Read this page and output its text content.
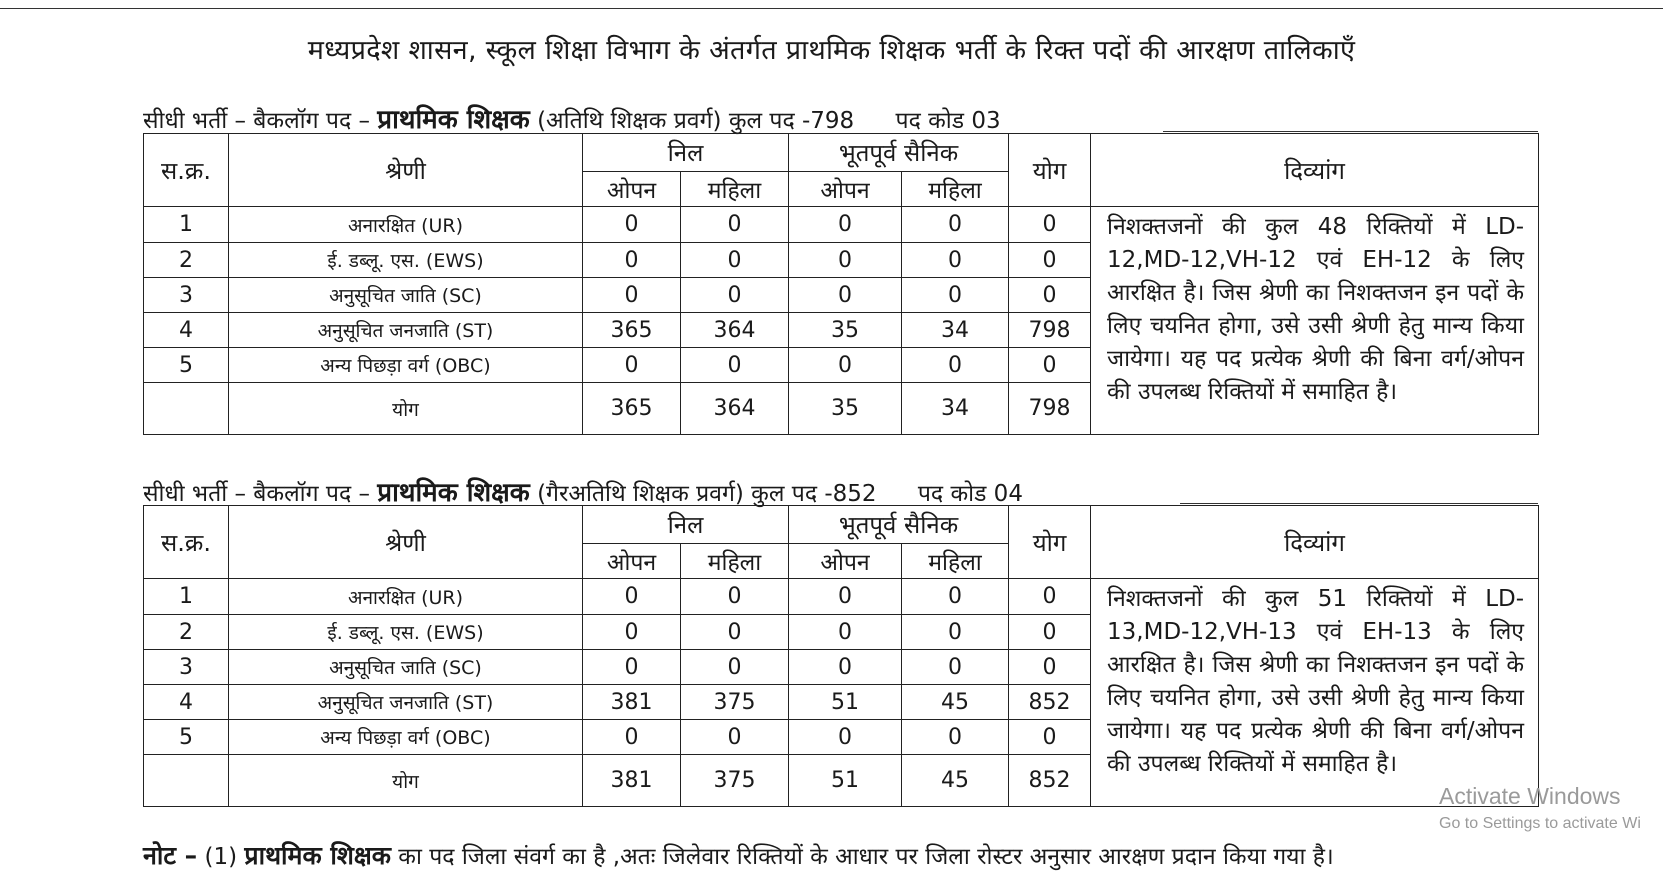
मध्यप्रदेश शासन, स्कूल शिक्षा विभाग के अंतर्गत प्राथमिक शिक्षक भर्ती के रिक्त पदों की आरक्षण तालिकाएँ
सीधी भर्ती – बैकलॉग पद – प्राथमिक शिक्षक (अतिथि शिक्षक प्रवर्ग) कुल पद -798 पद कोड 03
स.क्र.	श्रेणी	निल		भूतपूर्व सैनिक		योग	दिव्यांग
		ओपन	महिला	ओपन	महिला		
1	अनारक्षित (UR)	0	0	0	0	0	निशक्तजनों की कुल 48 रिक्तियों में LD-12,MD-12,VH-12 एवं EH-12 के लिए आरक्षित है। जिस श्रेणी का निशक्तजन इन पदों के लिए चयनित होगा, उसे उसी श्रेणी हेतु मान्य किया जायेगा। यह पद प्रत्येक श्रेणी की बिना वर्ग/ओपन की उपलब्ध रिक्तियों में समाहित है।
2	ई. डब्लू. एस. (EWS)	0	0	0	0	0	
3	अनुसूचित जाति (SC)	0	0	0	0	0	
4	अनुसूचित जनजाति (ST)	365	364	35	34	798	
5	अन्य पिछड़ा वर्ग (OBC)	0	0	0	0	0	
	योग	365	364	35	34	798	
सीधी भर्ती – बैकलॉग पद – प्राथमिक शिक्षक (गैरअतिथि शिक्षक प्रवर्ग) कुल पद -852 पद कोड 04
स.क्र.	श्रेणी	निल		भूतपूर्व सैनिक		योग	दिव्यांग
		ओपन	महिला	ओपन	महिला		
1	अनारक्षित (UR)	0	0	0	0	0	निशक्तजनों की कुल 51 रिक्तियों में LD-13,MD-12,VH-13 एवं EH-13 के लिए आरक्षित है। जिस श्रेणी का निशक्तजन इन पदों के लिए चयनित होगा, उसे उसी श्रेणी हेतु मान्य किया जायेगा। यह पद प्रत्येक श्रेणी की बिना वर्ग/ओपन की उपलब्ध रिक्तियों में समाहित है।
2	ई. डब्लू. एस. (EWS)	0	0	0	0	0	
3	अनुसूचित जाति (SC)	0	0	0	0	0	
4	अनुसूचित जनजाति (ST)	381	375	51	45	852	
5	अन्य पिछड़ा वर्ग (OBC)	0	0	0	0	0	
	योग	381	375	51	45	852	
Activate Windows
Go to Settings to activate Wi
नोट – (1) प्राथमिक शिक्षक का पद जिला संवर्ग का है ,अतः जिलेवार रिक्तियों के आधार पर जिला रोस्टर अनुसार आरक्षण प्रदान किया गया है।
